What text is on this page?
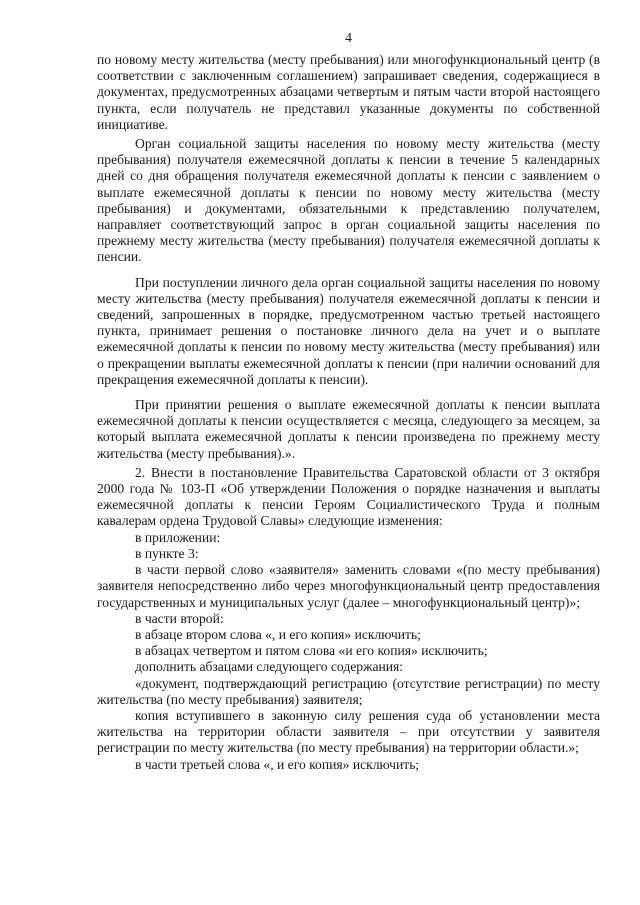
4

по новому месту жительства (месту пребывания) или многофункциональный центр (в соответствии с заключенным соглашением) запрашивает сведения, содержащиеся в документах, предусмотренных абзацами четвертым и пятым части второй настоящего пункта, если получатель не представил указанные документы по собственной инициативе.

Орган социальной защиты населения по новому месту жительства (месту пребывания) получателя ежемесячной доплаты к пенсии в течение 5 календарных дней со дня обращения получателя ежемесячной доплаты к пенсии с заявлением о выплате ежемесячной доплаты к пенсии по новому месту жительства (месту пребывания) и документами, обязательными к представлению получателем, направляет соответствующий запрос в орган социальной защиты населения по прежнему месту жительства (месту пребывания) получателя ежемесячной доплаты к пенсии.

При поступлении личного дела орган социальной защиты населения по новому месту жительства (месту пребывания) получателя ежемесячной доплаты к пенсии и сведений, запрошенных в порядке, предусмотренном частью третьей настоящего пункта, принимает решения о постановке личного дела на учет и о выплате ежемесячной доплаты к пенсии по новому месту жительства (месту пребывания) или о прекращении выплаты ежемесячной доплаты к пенсии (при наличии оснований для прекращения ежемесячной доплаты к пенсии).

При принятии решения о выплате ежемесячной доплаты к пенсии выплата ежемесячной доплаты к пенсии осуществляется с месяца, следующего за месяцем, за который выплата ежемесячной доплаты к пенсии произведена по прежнему месту жительства (месту пребывания).».

2. Внести в постановление Правительства Саратовской области от 3 октября 2000 года № 103-П «Об утверждении Положения о порядке назначения и выплаты ежемесячной доплаты к пенсии Героям Социалистического Труда и полным кавалерам ордена Трудовой Славы» следующие изменения:

в приложении:

в пункте 3:

в части первой слово «заявителя» заменить словами «(по месту пребывания) заявителя непосредственно либо через многофункциональный центр предоставления государственных и муниципальных услуг (далее – многофункциональный центр)»;

в части второй:

в абзаце втором слова «, и его копия» исключить;

в абзацах четвертом и пятом слова «и его копия» исключить;

дополнить абзацами следующего содержания:

«документ, подтверждающий регистрацию (отсутствие регистрации) по месту жительства (по месту пребывания) заявителя;

копия вступившего в законную силу решения суда об установлении места жительства на территории области заявителя – при отсутствии у заявителя регистрации по месту жительства (по месту пребывания) на территории области.»;

в части третьей слова «, и его копия» исключить;
